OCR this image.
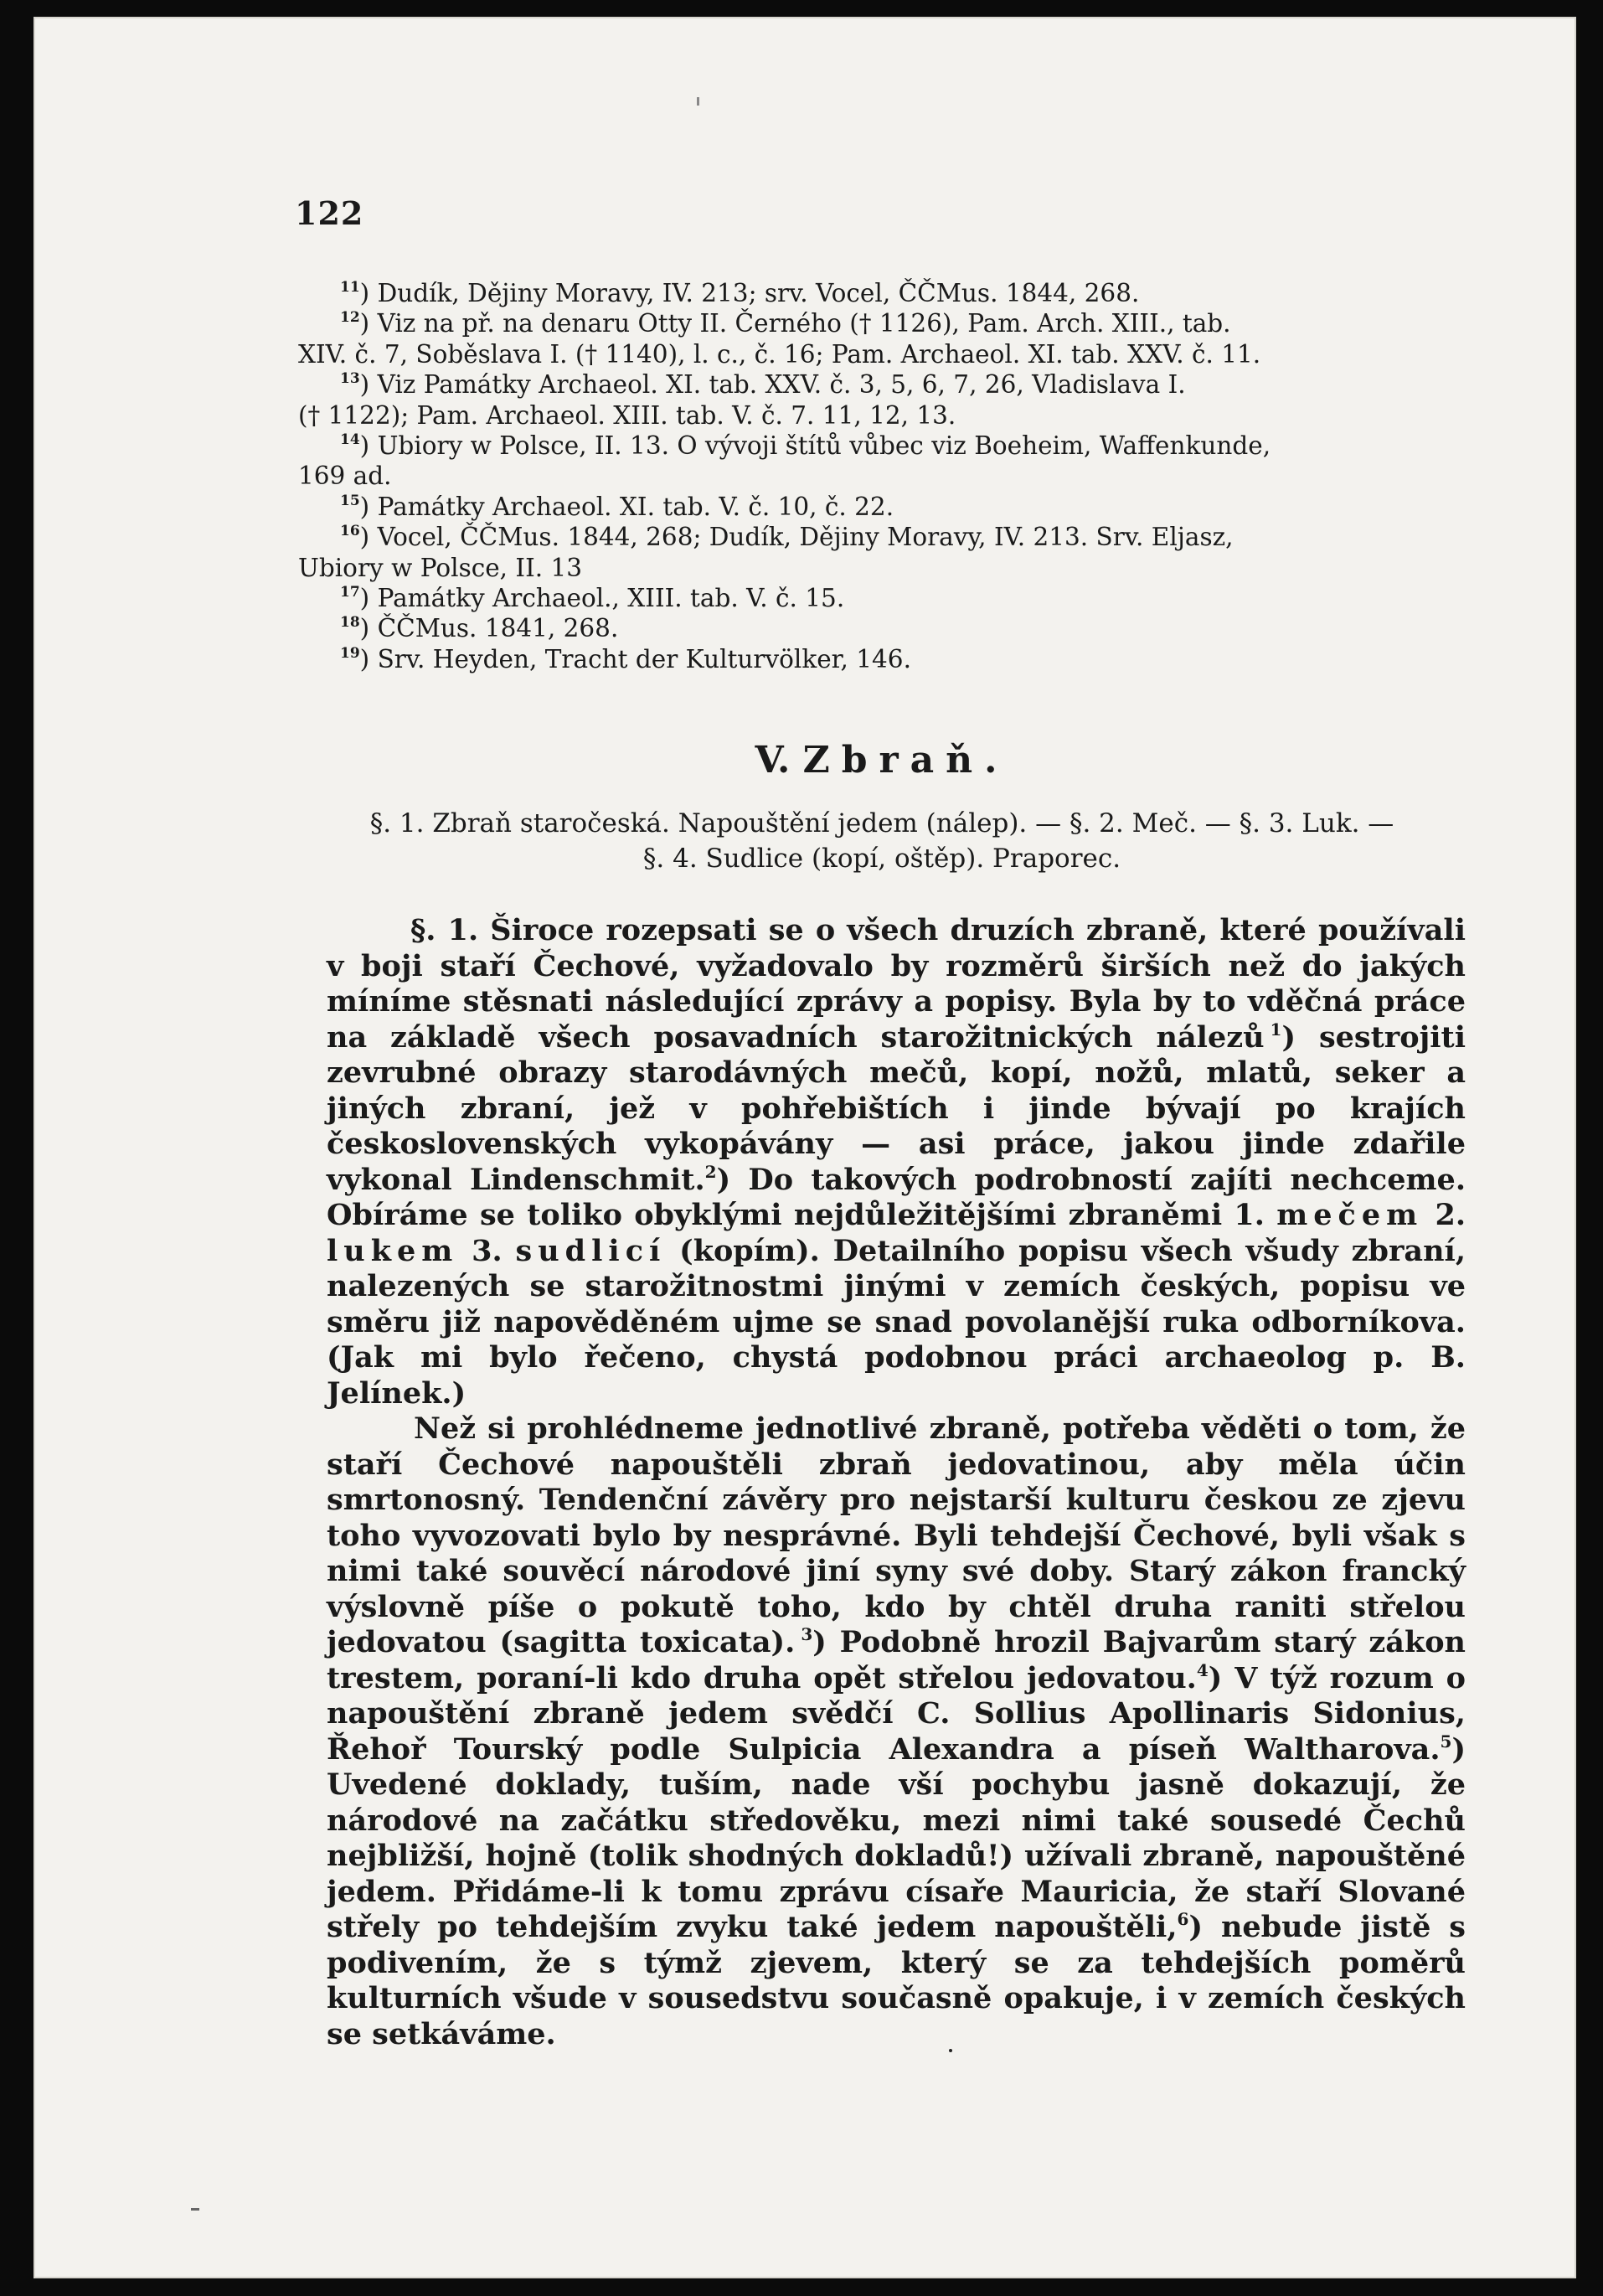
122

$^{11}$) Dudík, Dějiny Moravy, IV. 213; srv. Vocel, ČČMus. 1844, 268.

$^{12}$) Viz na př. na denaru Otty II. Černého († 1126), Pam. Arch. XIII., tab.
XIV. č. 7, Soběslava I. († 1140), l. c., č. 16; Pam. Archaeol. XI. tab. XXV. č. 11.

$^{13}$) Viz Památky Archaeol. XI. tab. XXV. č. 3, 5, 6, 7, 26, Vladislava I.
(† 1122); Pam. Archaeol. XIII. tab. V. č. 7. 11, 12, 13.

$^{14}$) Ubiory w Polsce, II. 13. O vývoji štítů vůbec viz Boeheim, Waffenkunde,
169 ad.

$^{15}$) Památky Archaeol. XI. tab. V. č. 10, č. 22.

$^{16}$) Vocel, ČČMus. 1844, 268; Dudík, Dějiny Moravy, IV. 213. Srv. Eljasz,
Ubiory w Polsce, II. 13

$^{17}$) Památky Archaeol., XIII. tab. V. č. 15.

$^{18}$) ČČMus. 1841, 268.

$^{19}$) Srv. Heyden, Tracht der Kulturvölker, 146.

V. Zbraň.
§. 1. Zbraň staročeská. Napouštění jedem (nálep). — §. 2. Meč. — §. 3. Luk. —
§. 4. Sudlice (kopí, oštěp). Praporec.

§. 1. Široce rozepsati se o všech druzích zbraně, které používali v boji staří Čechové, vyžadovalo by rozměrů širších než do jakých míníme stěsnati následující zprávy a popisy. Byla by to vděčná práce na základě všech posavadních starožitnických nálezů  $^1$) sestrojiti zevrubné obrazy starodávných mečů, kopí, nožů, mlatů, seker a jiných zbraní, jež v pohřebištích i jinde bývají po krajích československých vykopávány — asi práce, jakou jinde zdařile vykonal Lindenschmit.$^2$) Do takových podrobností zajíti nechceme. Obíráme se toliko obyklými nejdůležitějšími zbraněmi 1. mečem 2. lukem 3. sudlicí (kopím). Detailního popisu všech všudy zbraní, nalezených se starožitnostmi jinými v zemích českých, popisu ve směru již napověděném ujme se snad povolanější ruka odborníkova. (Jak mi bylo řečeno, chystá podobnou práci archaeolog p. B. Jelínek.)

Než si prohlédneme jednotlivé zbraně, potřeba věděti o tom, že staří Čechové napouštěli zbraň jedovatinou, aby měla účin smrtonosný. Tendenční závěry pro nejstarší kulturu českou ze zjevu toho vyvozovati bylo by nesprávné. Byli tehdejší Čechové, byli však s nimi také souvěcí národové jiní syny své doby. Starý zákon francký výslovně píše o pokutě toho, kdo by chtěl druha raniti střelou jedovatou (sagitta toxicata).  $^3$) Podobně hrozil Bajvarům starý zákon trestem, poraní-li kdo druha opět střelou jedovatou.$^4$) V týž rozum o napouštění zbraně jedem svědčí C. Sollius Apollinaris Sidonius, Řehoř Tourský podle Sulpicia Alexandra a píseň Waltharova.$^5$) Uvedené doklady, tuším, nade vší pochybu jasně dokazují, že národové na začátku středověku, mezi nimi také sousedé Čechů nejbližší, hojně (tolik shodných dokladů!) užívali zbraně, napouštěné jedem. Přidáme-li k tomu zprávu císaře Mauricia, že staří Slované střely po tehdejším zvyku také jedem napouštěli,$^6$) nebude jistě s podivením, že s týmž zjevem, který se za tehdejších poměrů kulturních všude v sousedstvu současně opakuje, i v zemích českých se setkáváme.
